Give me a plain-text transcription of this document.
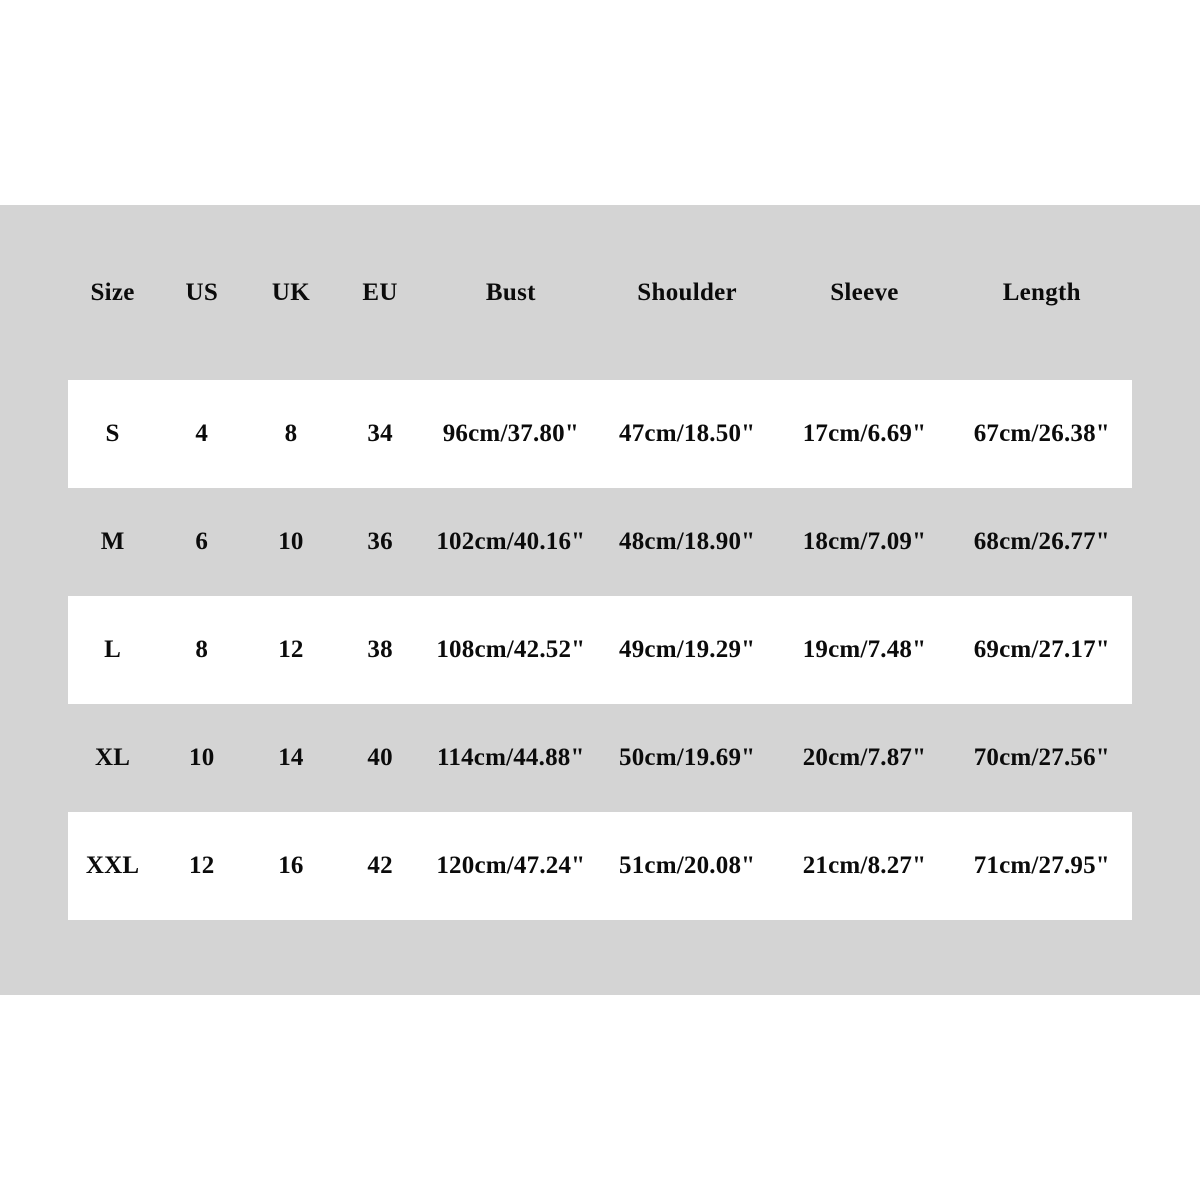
Size	US	UK	EU	Bust	Shoulder	Sleeve	Length
S	4	8	34	96cm/37.80"	47cm/18.50"	17cm/6.69"	67cm/26.38"
M	6	10	36	102cm/40.16"	48cm/18.90"	18cm/7.09"	68cm/26.77"
L	8	12	38	108cm/42.52"	49cm/19.29"	19cm/7.48"	69cm/27.17"
XL	10	14	40	114cm/44.88"	50cm/19.69"	20cm/7.87"	70cm/27.56"
XXL	12	16	42	120cm/47.24"	51cm/20.08"	21cm/8.27"	71cm/27.95"
